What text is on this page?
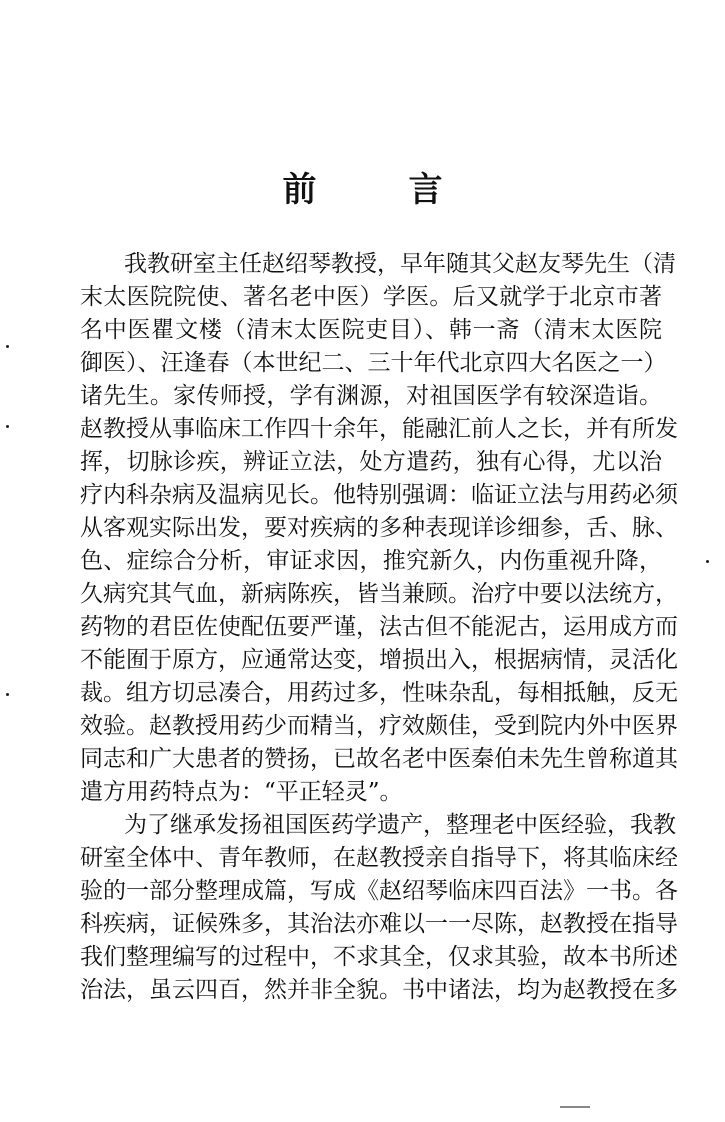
前	言
我教研室主任赵绍琴教授，早年随其父赵友琴先生（清
末太医院院使、著名老中医）学医。后又就学于北京市著
名中医瞿文楼（清末太医院吏目）、韩一斋（清末太医院
御医）、汪逢春（本世纪二、三十年代北京四大名医之一）
诸先生。家传师授，学有渊源，对祖国医学有较深造诣。
赵教授从事临床工作四十余年，能融汇前人之长，并有所发
挥，切脉诊疾，辨证立法，处方遣药，独有心得，尤以治
疗内科杂病及温病见长。他特别强调：临证立法与用药必须
从客观实际出发，要对疾病的多种表现详诊细参，舌、脉、
色、症综合分析，审证求因，推究新久，内伤重视升降，
久病究其气血，新病陈疾，皆当兼顾。治疗中要以法统方，
药物的君臣佐使配伍要严谨，法古但不能泥古，运用成方而
不能囿于原方，应通常达变，增损出入，根据病情，灵活化
裁。组方切忌凑合，用药过多，性味杂乱，每相抵触，反无
效验。赵教授用药少而精当，疗效颇佳，受到院内外中医界
同志和广大患者的赞扬，已故名老中医秦伯未先生曾称道其
遣方用药特点为：“平正轻灵”。
为了继承发扬祖国医药学遗产，整理老中医经验，我教
研室全体中、青年教师，在赵教授亲自指导下，将其临床经
验的一部分整理成篇，写成《赵绍琴临床四百法》一书。各
科疾病，证候殊多，其治法亦难以一一尽陈，赵教授在指导
我们整理编写的过程中，不求其全，仅求其验，故本书所述
治法，虽云四百，然并非全貌。书中诸法，均为赵教授在多
